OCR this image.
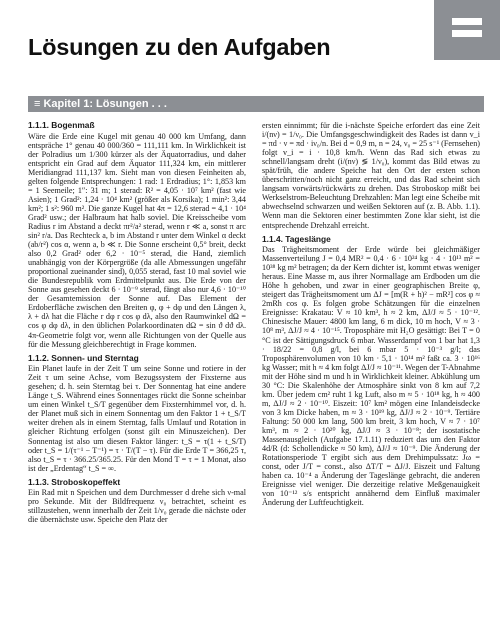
Lösungen zu den Aufgaben
≡ Kapitel 1: Lösungen . . .
1.1.1. Bogenmaß

Wäre die Erde eine Kugel mit genau 40 000 km Umfang, dann entspräche 1° genau 40 000/360 = 111,111 km. In Wirklichkeit ist der Polradius um 1/300 kürzer als der Äquatorradius, und daher entspricht ein Grad auf dem Äquator 111,324 km, ein mittlerer Meridiangrad 111,137 km. Sieht man von diesen Feinheiten ab, gelten folgende Entsprechungen: 1 rad: 1 Erdradius; 1°: 1,853 km = 1 Seemeile; 1″: 31 m; 1 sterad: R² = 4,05 · 10⁷ km² (fast wie Asien); 1 Grad²: 1,24 · 10⁴ km² (größer als Korsika); 1 min²: 3,44 km²; 1 s²: 960 m². Die ganze Kugel hat 4π = 12,6 sterad = 4,1 · 10⁴ Grad² usw.; der Halbraum hat halb soviel. Die Kreisscheibe vom Radius r im Abstand a deckt πr²/a² sterad, wenn r ≪ a, sonst π arc sin² r/a. Das Rechteck a, b im Abstand r unter dem Winkel α deckt (ab/r²) cos α, wenn a, b ≪ r. Die Sonne erscheint 0,5° breit, deckt also 0,2 Grad² oder 6,2 · 10⁻⁵ sterad, die Hand, ziemlich unabhängig von der Körpergröße (da alle Abmessungen ungefähr proportional zueinander sind), 0,055 sterad, fast 10 mal soviel wie die Bundesrepublik vom Erdmittelpunkt aus. Die Erde von der Sonne aus gesehen deckt 6 · 10⁻⁹ sterad, fängt also nur 4,6 · 10⁻¹⁰ der Gesamtemission der Sonne auf. Das Element der Erdoberfläche zwischen den Breiten φ, φ + dφ und den Längen λ, λ + dλ hat die Fläche r dφ r cos φ dλ, also den Raumwinkel dΩ = cos φ dφ dλ, in den üblichen Polarkoordinaten dΩ = sin ϑ dϑ dλ. 4π-Geometrie folgt vor, wenn alle Richtungen von der Quelle aus für die Messung gleichberechtigt in Frage kommen.

1.1.2. Sonnen- und Sterntag

Ein Planet laufe in der Zeit T um seine Sonne und rotiere in der Zeit τ um seine Achse, vom Bezugssystem der Fixsterne aus gesehen; d. h. sein Sterntag bei τ. Der Sonnentag hat eine andere Länge t_S. Während eines Sonnentages rückt die Sonne scheinbar um einen Winkel t_S/T gegenüber dem Fixsternhimmel vor, d. h. der Planet muß sich in einem Sonnentag um den Faktor 1 + t_S/T weiter drehen als in einem Sterntag, falls Umlauf und Rotation in gleicher Richtung erfolgen (sonst gilt ein Minuszeichen). Der Sonnentag ist also um diesen Faktor länger: t_S = τ(1 + t_S/T) oder t_S = 1/(τ⁻¹ − T⁻¹) = τ · T/(T − τ). Für die Erde T = 366,25 τ, also t_S = τ · 366.25/365.25. Für den Mond T = τ = 1 Monat, also ist der „Erdentag“ t_S = ∞.

1.1.3. Stroboskopeffekt

Ein Rad mit n Speichen und dem Durchmesser d drehe sich ν-mal pro Sekunde. Mit der Bildfrequenz ν₀ betrachtet, scheint es stillzustehen, wenn innerhalb der Zeit 1/ν₀ gerade die nächste oder die übernächste usw. Speiche den Platz der

ersten einnimmt; für die i-nächste Speiche erfordert das eine Zeit i/(nν) = 1/ν₀. Die Umfangsgeschwindigkeit des Rades ist dann v_i = πd · ν = πd · iν₀/n. Bei d = 0,9 m, n = 24, ν₀ = 25 s⁻¹ (Fernsehen) folgt v_i = i · 10,8 km/h. Wenn das Rad sich etwas zu schnell/langsam dreht (i/(nν) ≶ 1/ν₀), kommt das Bild etwas zu spät/früh, die andere Speiche hat den Ort der ersten schon überschritten/noch nicht ganz erreicht, und das Rad scheint sich langsam vorwärts/rückwärts zu drehen. Das Stroboskop mißt bei Werkselstrom-Beleuchtung Drehzahlen: Man legt eine Scheibe mit abwechselnd schwarzen und weißen Sektoren auf (z. B. Abb. 1.1). Wenn man die Sektoren einer bestimmten Zone klar sieht, ist die entsprechende Drehzahl erreicht.

1.1.4. Tageslänge

Das Trägheitsmoment der Erde würde bei gleichmäßiger Massenverteilung J = 0,4 MR² = 0,4 · 6 · 10²⁴ kg · 4 · 10¹³ m² = 10³⁸ kg m² betragen; da der Kern dichter ist, kommt etwas weniger heraus. Eine Masse m, aus ihrer Normallage am Erdboden um die Höhe h gehoben, und zwar in einer geographischen Breite φ, steigert das Trägheitsmoment um ΔJ = [m(R + h)² − mR²] cos φ ≈ 2mRh cos φ. Es folgen grobe Schätzungen für die einzelnen Ereignisse: Krakatau: V ≈ 10 km³, h ≈ 2 km, ΔJ/J ≈ 5 · 10⁻¹². Chinesische Mauer: 4800 km lang, 6 m dick, 10 m hoch, V ≈ 3 · 10⁸ m³, ΔJ/J ≈ 4 · 10⁻¹⁵. Troposphäre mit H₂O gesättigt: Bei T = 0 °C ist der Sättigungsdruck 6 mbar. Wasserdampf von 1 bar hat 1,3 · 18/22 = 0,8 g/l, bei 6 mbar 5 · 10⁻³ g/l; das Troposphärenvolumen von 10 km · 5,1 · 10¹⁴ m² faßt ca. 3 · 10¹⁶ kg Wasser; mit h ≈ 4 km folgt ΔJ/J ≈ 10⁻¹¹. Wegen der T-Abnahme mit der Höhe sind m und h in Wirklichkeit kleiner. Abkühlung um 30 °C: Die Skalenhöhe der Atmosphäre sinkt von 8 km auf 7,2 km. Über jedem cm² ruht 1 kg Luft, also m ≈ 5 · 10¹⁸ kg, h ≈ 400 m, ΔJ/J ≈ 2 · 10⁻¹⁰. Eiszeit: 10⁷ km² mögen eine Inlandeisdecke von 3 km Dicke haben, m ≈ 3 · 10¹⁹ kg, ΔJ/J ≈ 2 · 10⁻⁹. Tertiäre Faltung: 50 000 km lang, 500 km breit, 3 km hoch, V ≈ 7 · 10⁷ km³, m ≈ 2 · 10²⁰ kg, ΔJ/J ≈ 3 · 10⁻⁸; der isostatische Massenausgleich (Aufgabe 17.1.11) reduziert das um den Faktor 4d/R (d: Schollendicke ≈ 50 km), ΔJ/J ≈ 10⁻⁹. Die Änderung der Rotationsperiode T ergibt sich aus dem Drehimpulssatz: Jω = const, oder J/T = const., also ΔT/T = ΔJ/J. Eiszeit und Faltung haben ca. 10⁻⁴ a Änderung der Tageslänge gebracht, die anderen Ereignisse viel weniger. Die derzeitige relative Meßgenauigkeit von 10⁻¹² s/s entspricht annähernd dem Einfluß maximaler Änderung der Luftfeuchtigkeit.
